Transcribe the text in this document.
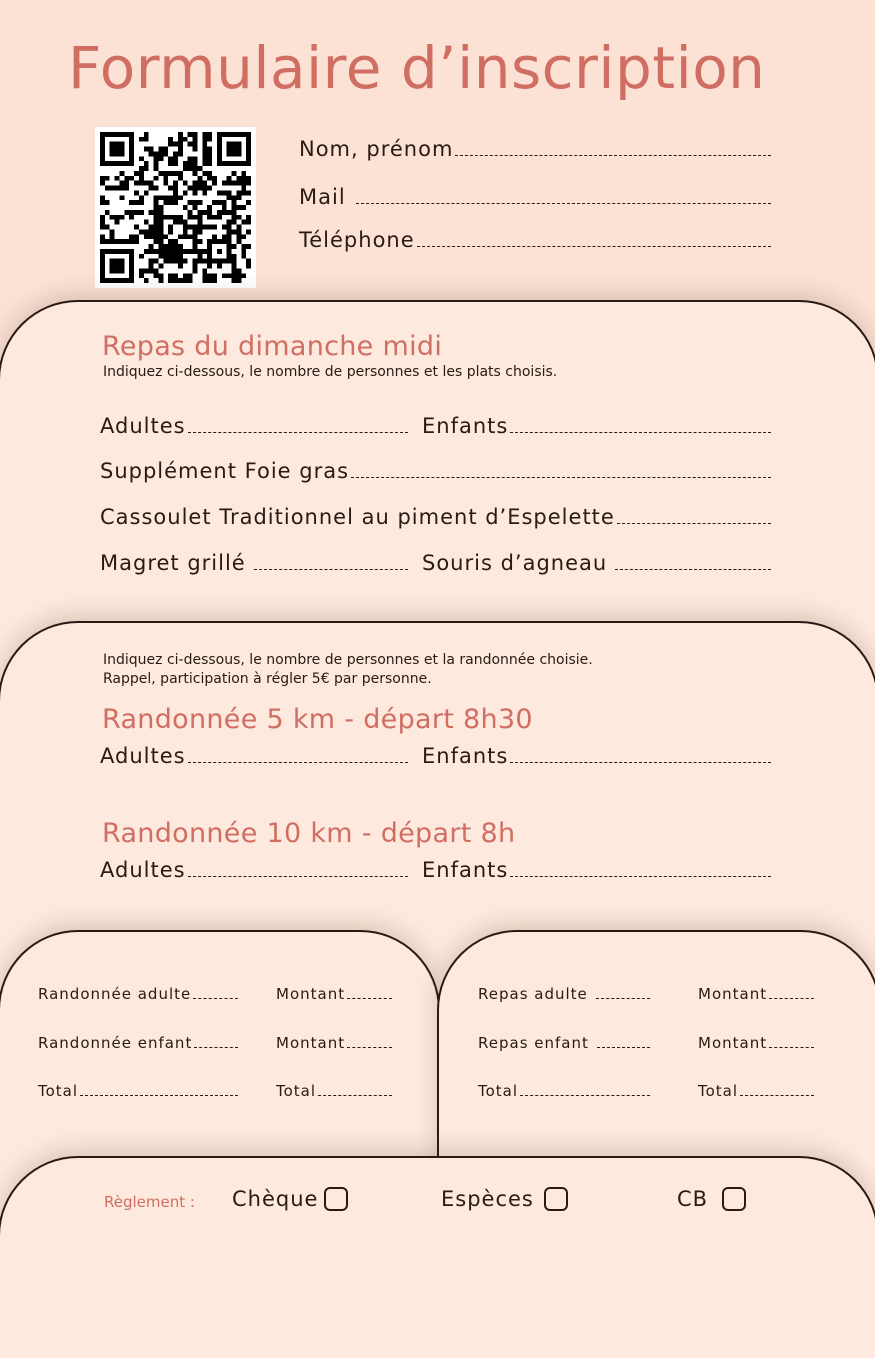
Formulaire d’inscription
Nom, prénom
Mail
Téléphone
Repas du dimanche midi
Indiquez ci-dessous, le nombre de personnes et les plats choisis.
Adultes	Enfants
Supplément Foie gras
Cassoulet Traditionnel au piment d’Espelette
Magret grillé	Souris d’agneau
Indiquez ci-dessous, le nombre de personnes et la randonnée choisie.
Rappel, participation à régler 5€ par personne.
Randonnée 5 km - départ 8h30
Adultes	Enfants
Randonnée 10 km - départ 8h
Adultes	Enfants
Randonnée adulte	Montant
Randonnée enfant	Montant
Total	Total
Repas adulte	Montant
Repas enfant	Montant
Total	Total
Règlement : Chèque	Espèces	CB
